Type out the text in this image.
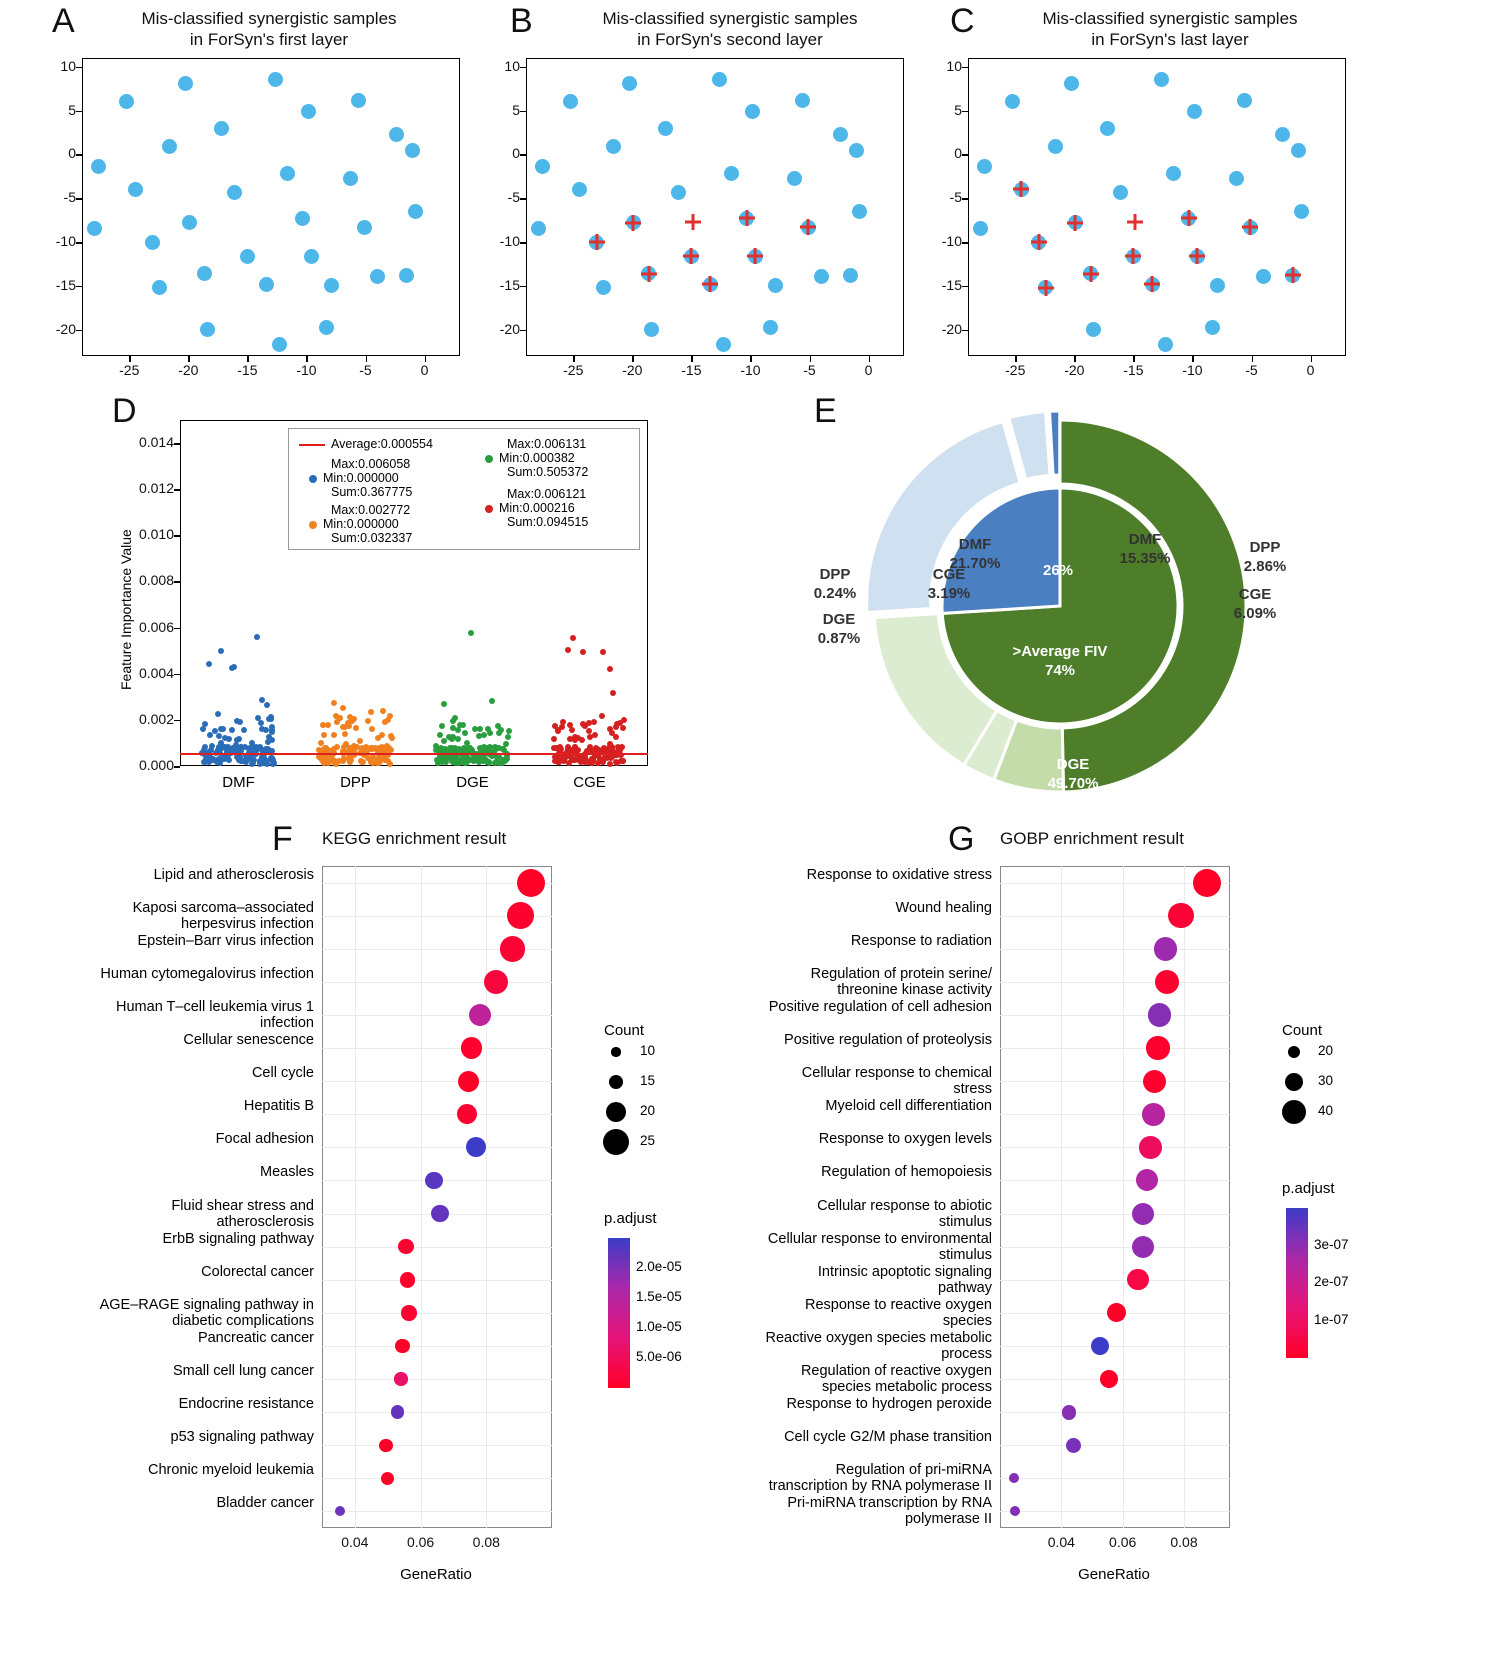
A	Mis-classified synergistic samples
in ForSyn's first layer	B	Mis-classified synergistic samples
in ForSyn's second layer	C	Mis-classified synergistic samples
in ForSyn's last layer
D
Feature Importance Value
Average:0.000554
Max:0.006058
Min:0.000000
Sum:0.367775
Max:0.002772
Min:0.000000
Sum:0.032337
Max:0.006131
Min:0.000382
Sum:0.505372
Max:0.006121
Min:0.000216
Sum:0.094515
E
DMF
15.35%
DPP
2.86%
CGE
6.09%
DGE
49.70%
DMF
21.70%
CGE
3.19%
DPP
0.24%
DGE
0.87%

26%
>Average FIV
74%
F KEGG enrichment result
0.04	0.06	0.08
Lipid and atherosclerosis
Kaposi sarcoma–associated herpesvirus infection
Epstein–Barr virus infection
Human cytomegalovirus infection
Human T–cell leukemia virus 1 infection
Cellular senescence
Cell cycle
Hepatitis B
Focal adhesion
Measles
Fluid shear stress and atherosclerosis
ErbB signaling pathway
Colorectal cancer
AGE–RAGE signaling pathway in diabetic complications
Pancreatic cancer
Small cell lung cancer
Endocrine resistance
p53 signaling pathway
Chronic myeloid leukemia
Bladder cancer
GeneRatio
Count
10
15
20
25
p.adjust
2.0e-05
1.5e-05
1.0e-05
5.0e-06
G GOBP enrichment result
0.04	0.06	0.08
Response to oxidative stress
Wound healing
Response to radiation
Regulation of protein serine/ threonine kinase activity
Positive regulation of cell adhesion
Positive regulation of proteolysis
Cellular response to chemical stress
Myeloid cell differentiation
Response to oxygen levels
Regulation of hemopoiesis
Cellular response to abiotic stimulus
Cellular response to environmental stimulus
Intrinsic apoptotic signaling pathway
Response to reactive oxygen species
Reactive oxygen species metabolic process
Regulation of reactive oxygen species metabolic process
Response to hydrogen peroxide
Cell cycle G2/M phase transition
Regulation of pri-miRNA transcription by RNA polymerase II
Pri-miRNA transcription by RNA polymerase II
GeneRatio
Count
20
30
40
p.adjust
3e-07
2e-07
1e-07
-25	-20	-15	-10	-5	0
-20
-15
-10
-5
0
5
10
-25	-20	-15	-10	-5	0
-20
-15
-10
-5
0
5
10
-25	-20	-15	-10	-5	0
-20
-15
-10
-5
0
5
10
0.000
0.002
0.004
0.006
0.008
0.010
0.012
0.014
DMF	DPP	DGE	CGE
